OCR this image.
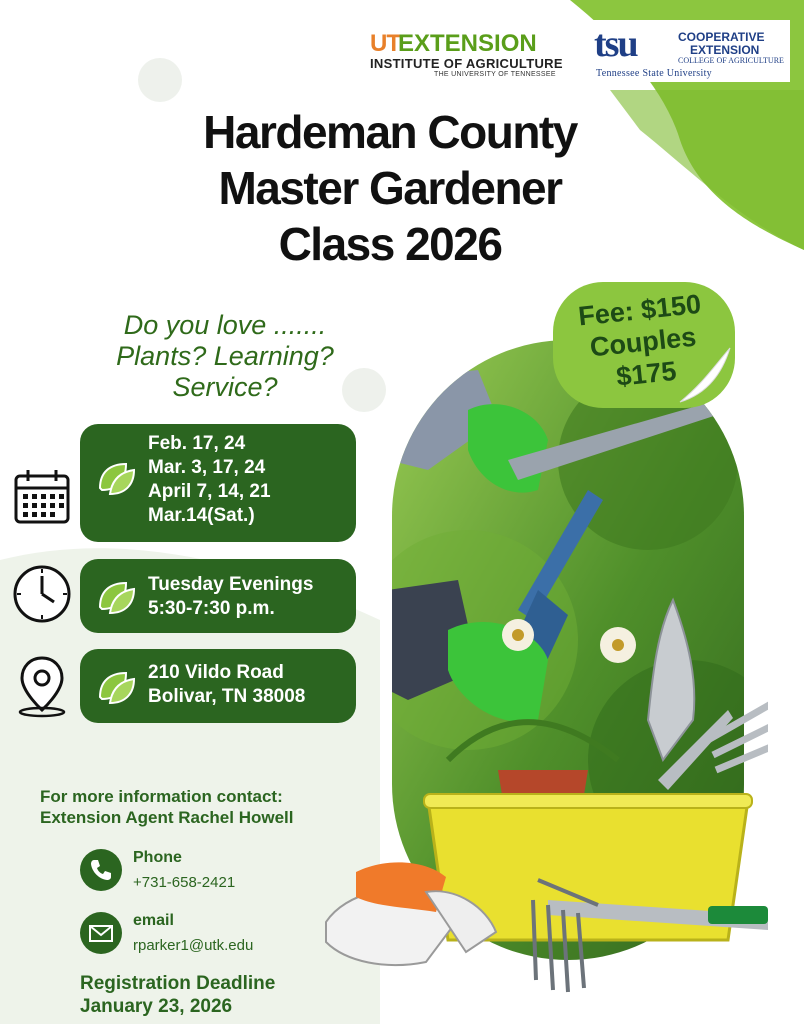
UT
EXTENSION
INSTITUTE OF AGRICULTURE
THE UNIVERSITY OF TENNESSEE
tsu	COOPERATIVE
EXTENSION
COLLEGE OF AGRICULTURE
Tennessee State University
Hardeman County
Master Gardener
Class 2026
Do you love .......
Plants? Learning?
Service?
Fee: $150
Couples
$175
Feb. 17, 24
Mar. 3, 17, 24
April 7, 14, 21
Mar.14(Sat.)
Tuesday Evenings
5:30-7:30 p.m.
210 Vildo Road
Bolivar, TN 38008
For more information contact:
Extension Agent Rachel Howell
Phone
+731-658-2421
email
rparker1@utk.edu
Registration Deadline
January 23, 2026
